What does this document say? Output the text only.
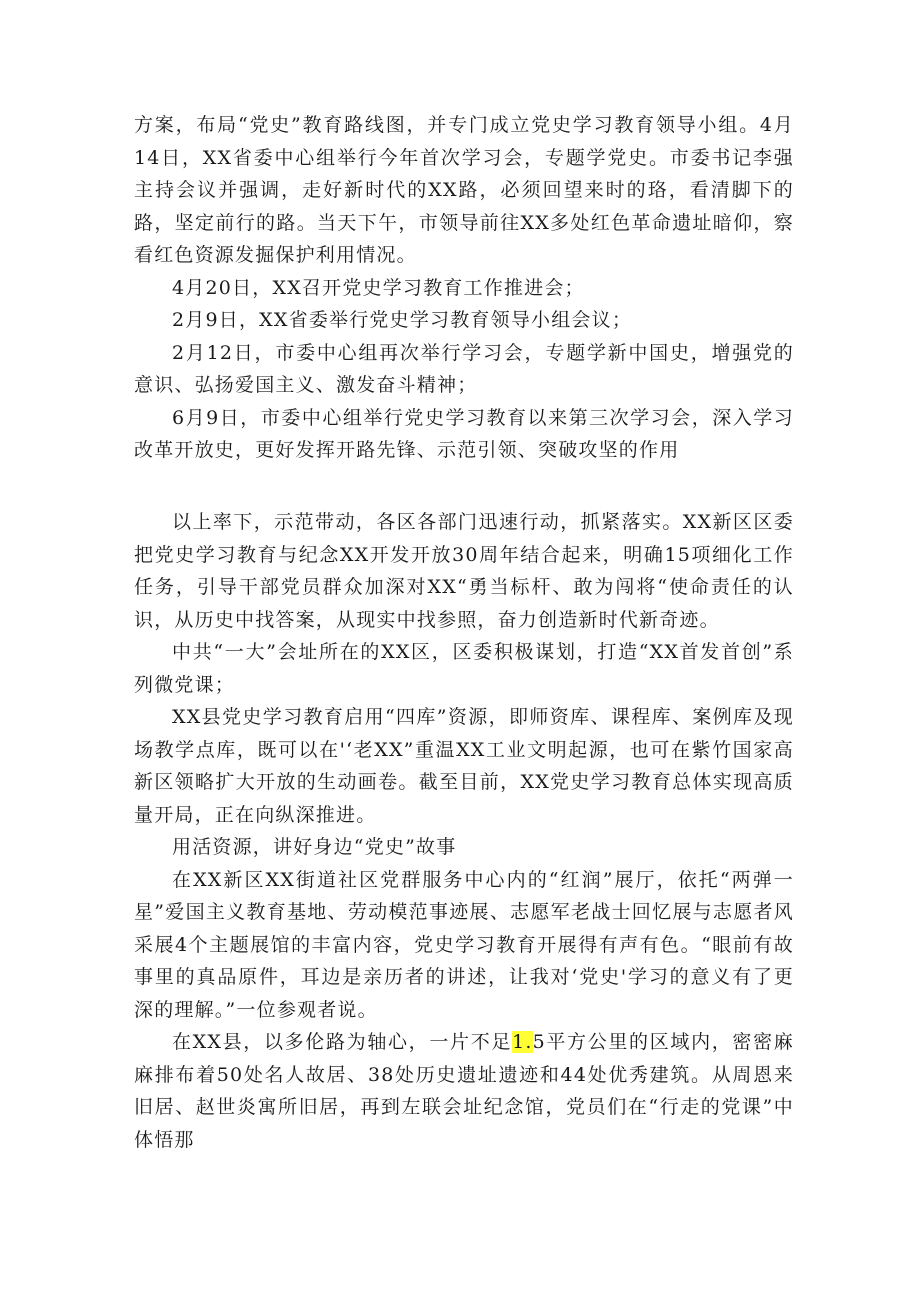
方案，布局“党史”教育路线图，并专门成立党史学习教育领导小组。4月14日，XX省委中心组举行今年首次学习会，专题学党史。市委书记李强主持会议并强调，走好新时代的XX路，必须回望来时的珞，看清脚下的路，坚定前行的路。当天下午，市领导前往XX多处红色革命遗址暗仰，察看红色资源发掘保护利用情况。

4月20日，XX召开党史学习教育工作推进会；

2月9日，XX省委举行党史学习教育领导小组会议；

2月12日，市委中心组再次举行学习会，专题学新中国史，增强党的意识、弘扬爱国主义、激发奋斗精神；

6月9日，市委中心组举行党史学习教育以来第三次学习会，深入学习改革开放史，更好发挥开路先锋、示范引领、突破攻坚的作用

以上率下，示范带动，各区各部门迅速行动，抓紧落实。XX新区区委把党史学习教育与纪念XX开发开放30周年结合起来，明确15项细化工作任务，引导干部党员群众加深对XX“勇当标杆、敢为闯将“使命责任的认识，从历史中找答案，从现实中找参照，奋力创造新时代新奇迹。

中共“一大”会址所在的XX区，区委积极谋划，打造“XX首发首创”系列微党课；

XX县党史学习教育启用“四库”资源，即师资库、课程库、案例库及现场教学点库，既可以在'‘老XX”重温XX工业文明起源，也可在紫竹国家高新区领略扩大开放的生动画卷。截至目前，XX党史学习教育总体实现高质量开局，正在向纵深推进。

用活资源，讲好身边“党史”故事

在XX新区XX街道社区党群服务中心内的“红润”展厅，依托“两弹一星”爱国主义教育基地、劳动模范事迹展、志愿军老战士回忆展与志愿者风采展4个主题展馆的丰富内容，党史学习教育开展得有声有色。“眼前有故事里的真品原件，耳边是亲历者的讲述，让我对‘党史'学习的意义有了更深的理解。”一位参观者说。

在XX县，以多伦路为轴心，一片不足1.5平方公里的区域内，密密麻麻排布着50处名人故居、38处历史遗址遗迹和44处优秀建筑。从周恩来旧居、赵世炎寓所旧居，再到左联会址纪念馆，党员们在“行走的党课”中体悟那
